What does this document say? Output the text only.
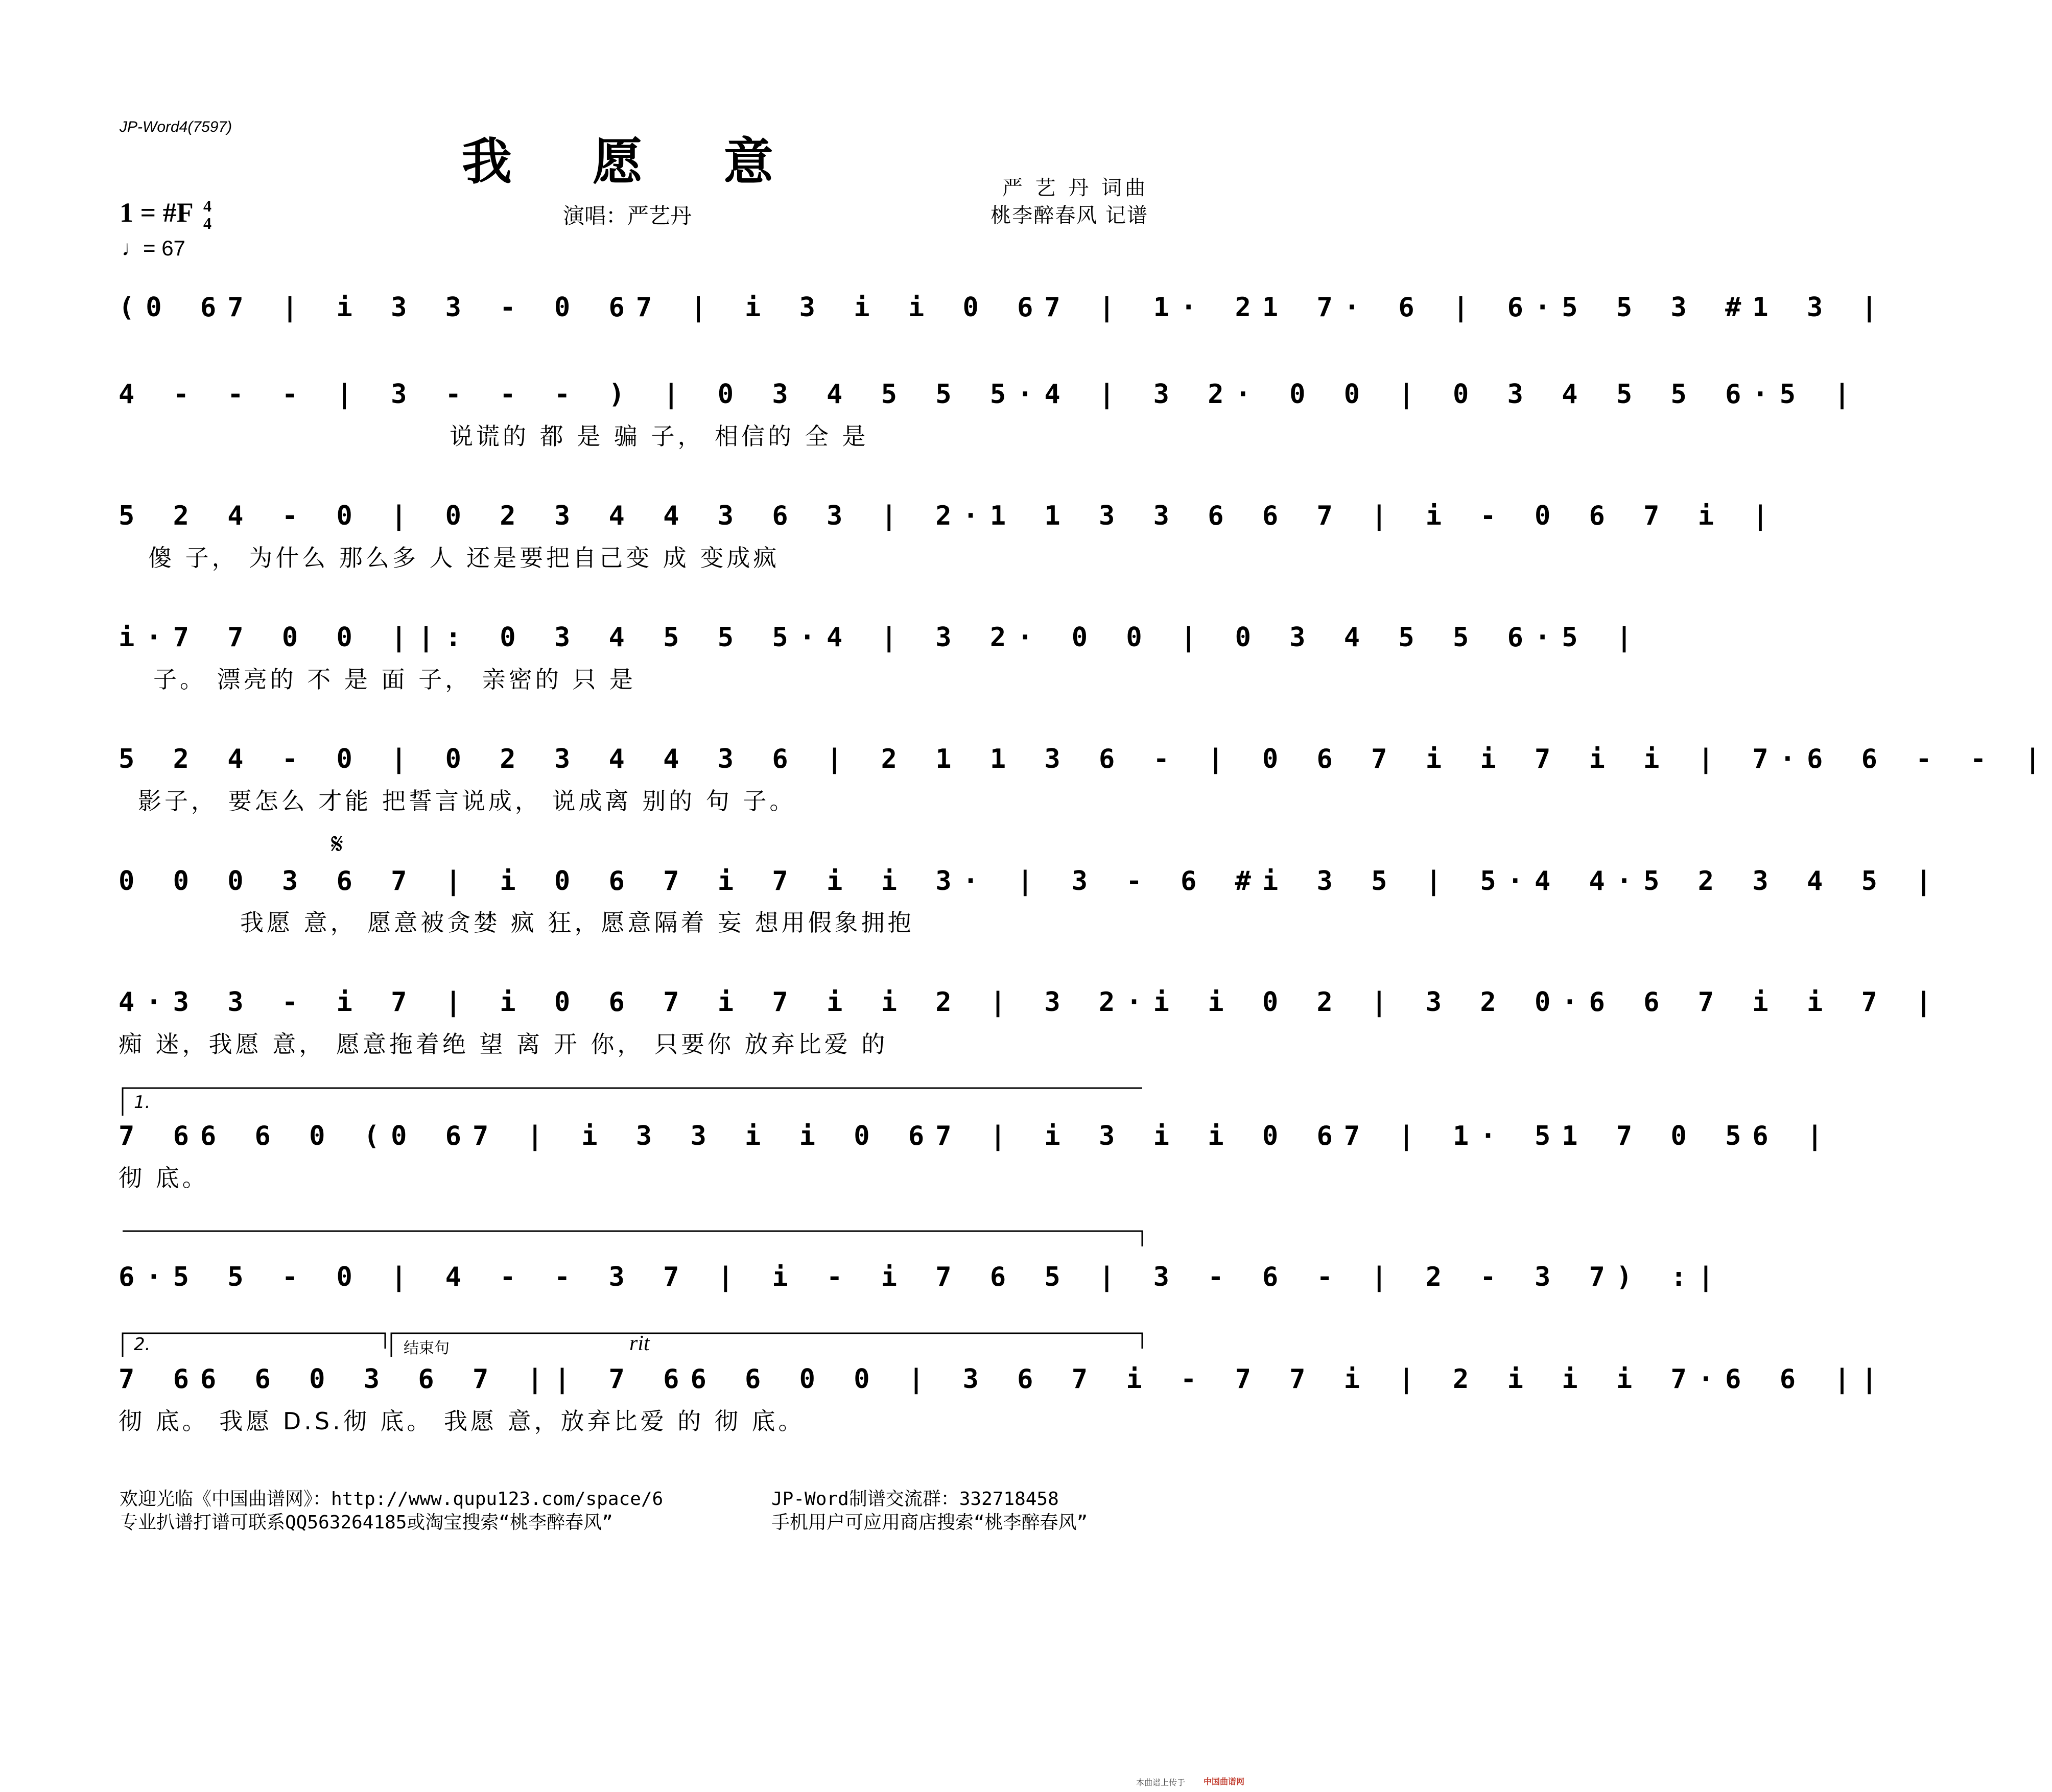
JP-Word4(7597)
我 愿 意
1 = #F 4
4
♩= 67
演唱：严艺丹
严 艺 丹 词曲
桃李醉春风 记谱
(0 67 | i 3 3 - 0 67 | i 3 i i 0 67 | 1· 21 7· 6 | 6·5 5 3 #1 3 |
4 - - - | 3 - - - ) | 0 3 4 5 5 5·4 | 3 2· 0 0 | 0 3 4 5 5 6·5 |
说谎的 都 是 骗 子， 相信的 全 是
5 2 4 - 0 | 0 2 3 4 4 3 6 3 | 2·1 1 3 3 6 6 7 | i - 0 6 7 i |
傻 子， 为什么 那么多 人 还是要把自己变 成 变成疯
i·7 7 0 0 ||: 0 3 4 5 5 5·4 | 3 2· 0 0 | 0 3 4 5 5 6·5 |
子。 漂亮的 不 是 面 子， 亲密的 只 是
5 2 4 - 0 | 0 2 3 4 4 3 6 | 2 1 1 3 6 - | 0 6 7 i i 7 i i | 7·6 6 - - |
影子， 要怎么 才能 把誓言说成， 说成离 别的 句 子。
0 0 0 3 6 7 | i 0 6 7 i 7 i i 3· | 3 - 6 #i 3 5 | 5·4 4·5 2 3 4 5 |
我愿 意， 愿意被贪婪 疯 狂，愿意隔着 妄 想用假象拥抱
4·3 3 - i 7 | i 0 6 7 i 7 i i 2 | 3 2·i i 0 2 | 3 2 0·6 6 7 i i 7 |
痴 迷，我愿 意， 愿意拖着绝 望 离 开 你， 只要你 放弃比爱 的
7 66 6 0 (0 67 | i 3 3 i i 0 67 | i 3 i i 0 67 | 1· 51 7 0 56 |
彻 底。
6·5 5 - 0 | 4 - - 3 7 | i - i 7 6 5 | 3 - 6 - | 2 - 3 7) :|
7 66 6 0 3 6 7 || 7 66 6 0 0 | 3 6 7 i - 7 7 i | 2 i i i 7·6 6 ||
彻 底。 我愿 D.S.彻 底。 我愿 意，放弃比爱 的 彻 底。
1.
2.	结束句	rit
𝄋
欢迎光临《中国曲谱网》：http://www.qupu123.com/space/6
专业扒谱打谱可联系QQ563264185或淘宝搜索“桃李醉春风”
JP-Word制谱交流群：332718458
手机用户可应用商店搜索“桃李醉春风”
本曲谱上传于 中国曲谱网
